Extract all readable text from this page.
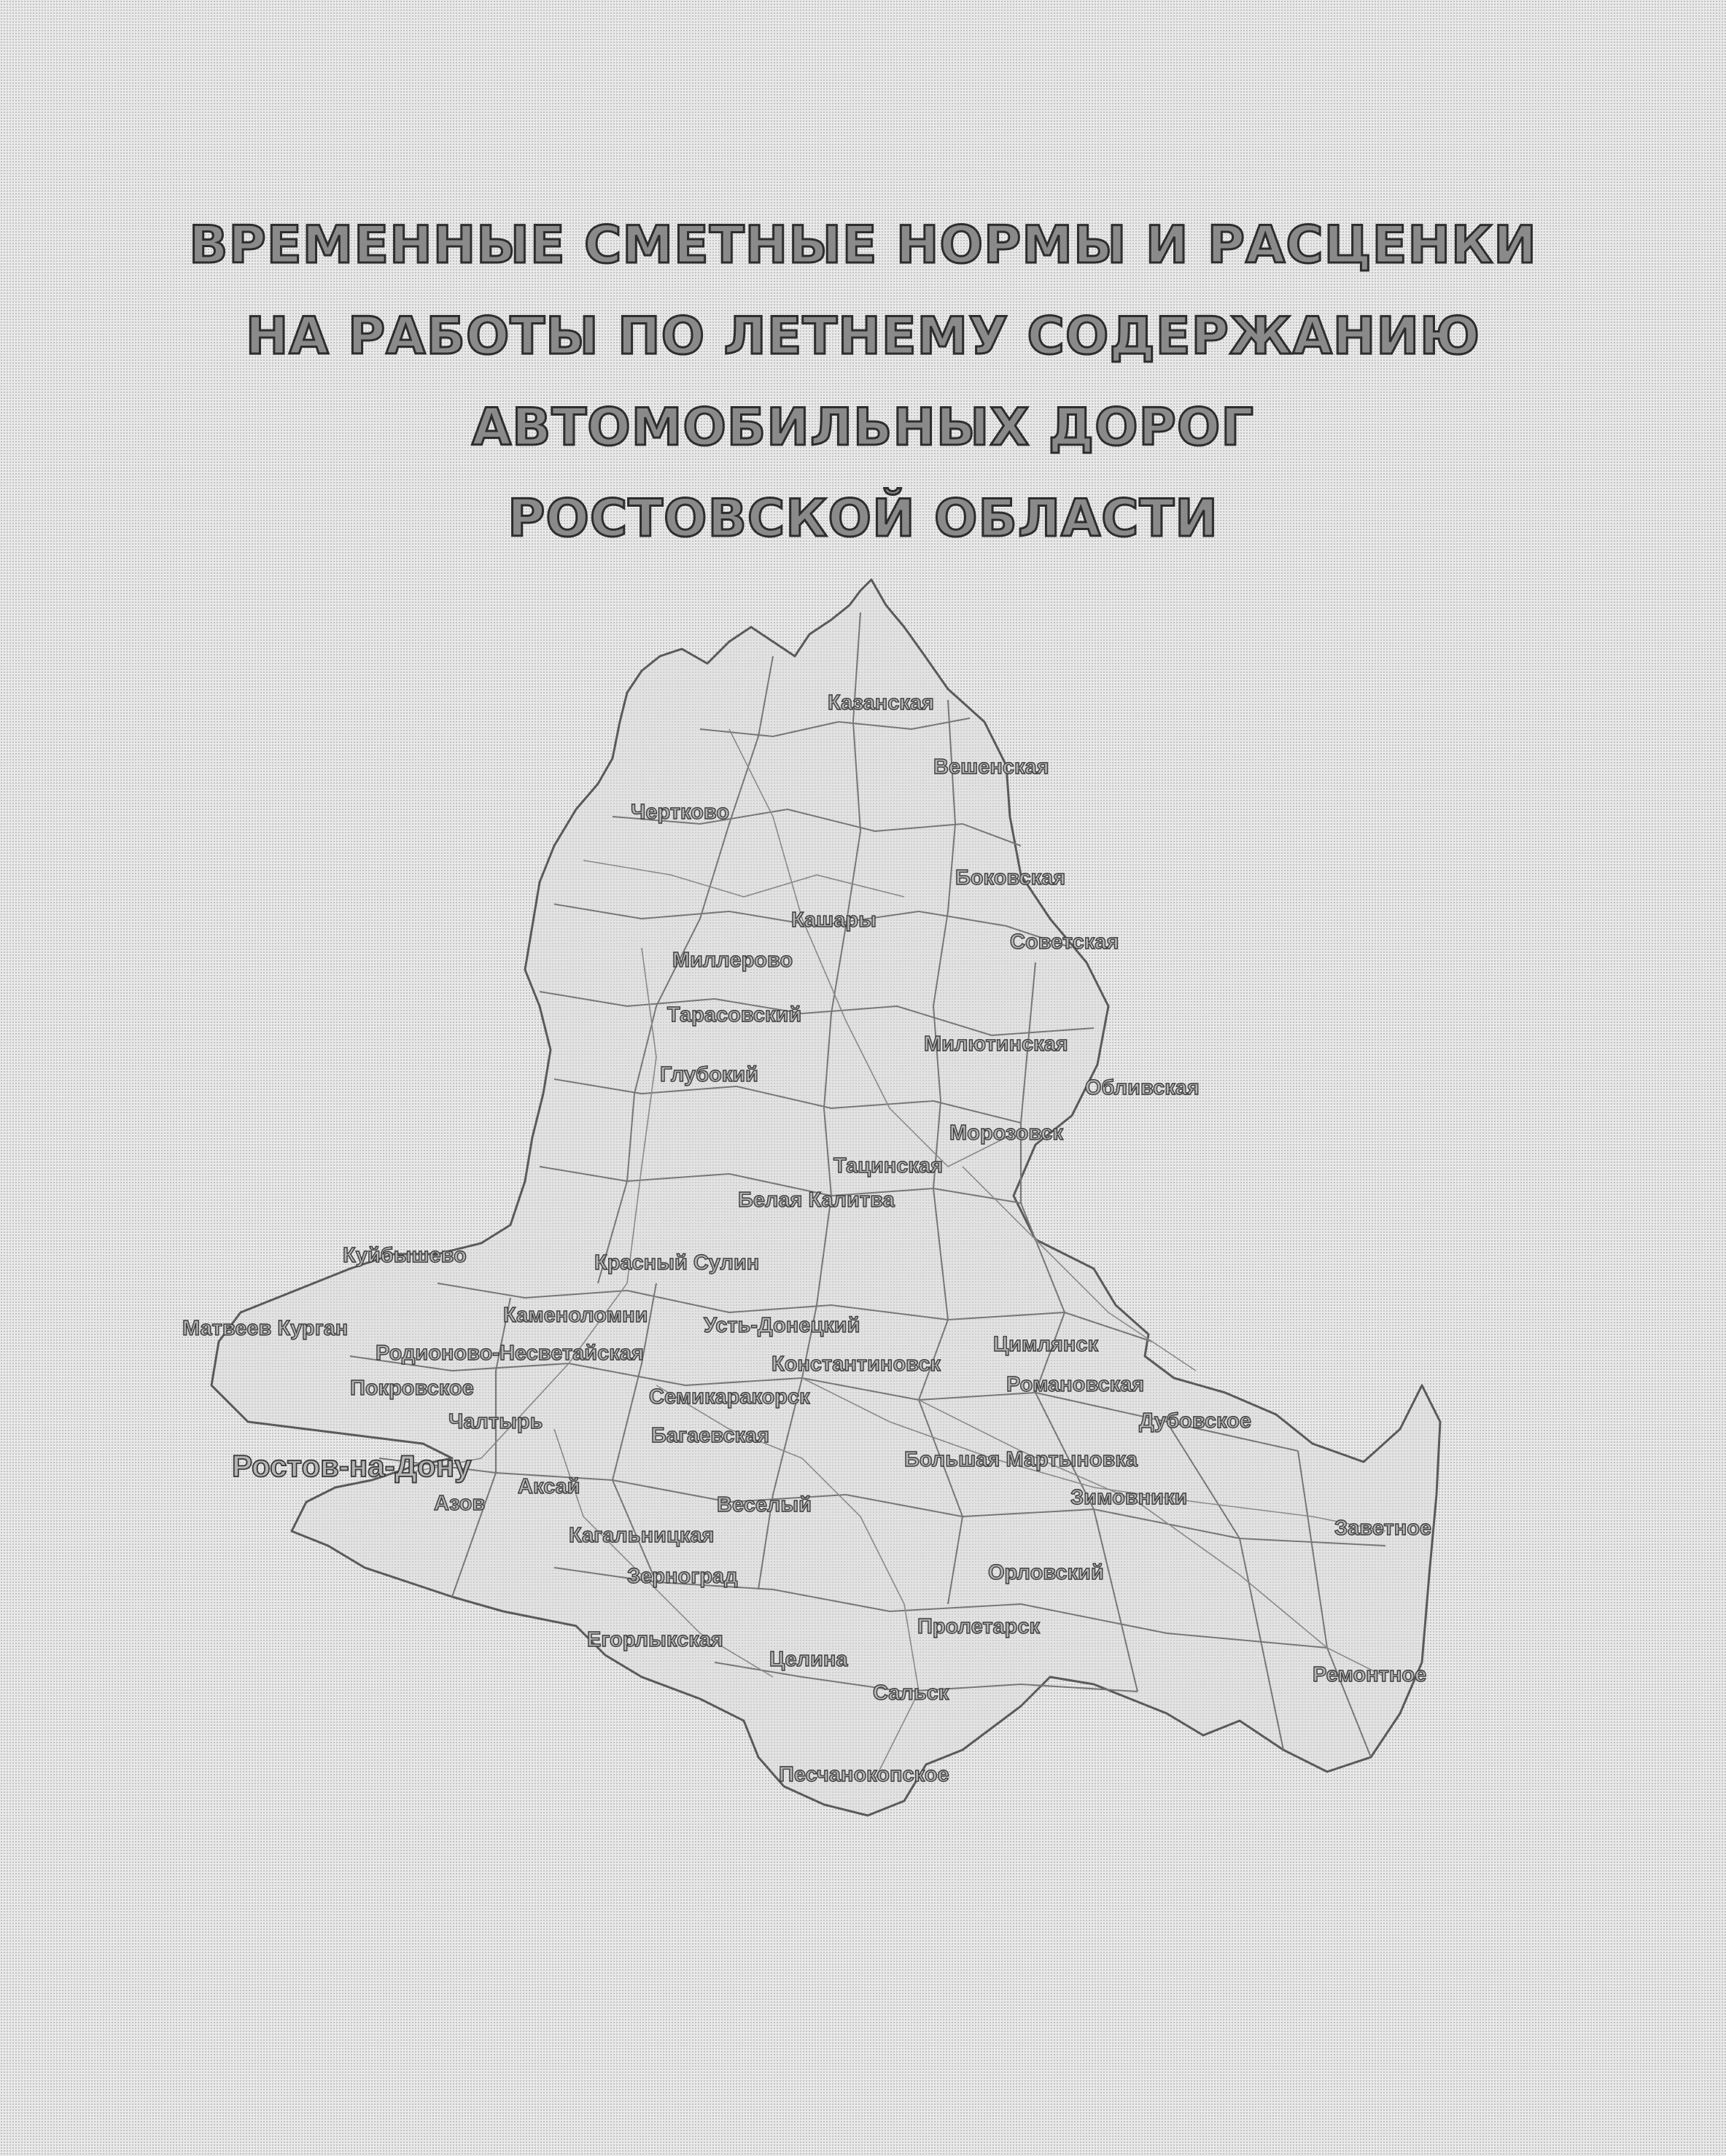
ВРЕМЕННЫЕ СМЕТНЫЕ НОРМЫ И РАСЦЕНКИ
НА РАБОТЫ ПО ЛЕТНЕМУ СОДЕРЖАНИЮ
АВТОМОБИЛЬНЫХ ДОРОГ
РОСТОВСКОЙ ОБЛАСТИ
Казанская
Вешенская
Чертково
Боковская
Кашары
Советская
Миллерово
Тарасовский
Милютинская
Глубокий
Обливская
Морозовск
Тацинская
Белая Калитва
Куйбышево	Красный Сулин
Каменоломни
Матвеев Курган	Усть-Донецкий
Цимлянск
Родионово-Несветайская	Константиновск
Покровское	Романовская
Семикаракорск
Чалтырь	Дубовское
Багаевская
Ростов-на-Дону	Большая Мартыновка
Аксай
Азов	Веселый	Зимовники
Заветное
Кагальницкая
Зерноград	Орловский
Пролетарск
Егорлыкская
Целина
Сальск
Ремонтное
Песчанокопское
